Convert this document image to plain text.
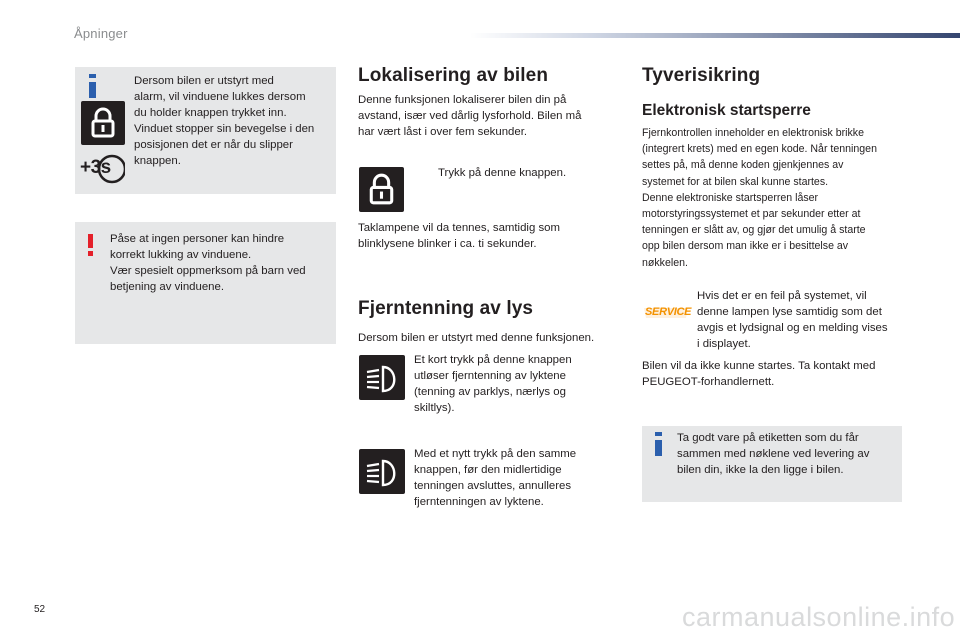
Åpninger
+3s
Dersom bilen er utstyrt med
alarm, vil vinduene lukkes dersom
du holder knappen trykket inn.
Vinduet stopper sin bevegelse i den
posisjonen det er når du slipper
knappen.
Påse at ingen personer kan hindre
korrekt lukking av vinduene.
Vær spesielt oppmerksom på barn ved
betjening av vinduene.
Lokalisering av bilen
Denne funksjonen lokaliserer bilen din på
avstand, især ved dårlig lysforhold. Bilen må
har vært låst i over fem sekunder.
Trykk på denne knappen.
Taklampene vil da tennes, samtidig som
blinklysene blinker i ca. ti sekunder.
Fjerntenning av lys
Dersom bilen er utstyrt med denne funksjonen.
Et kort trykk på denne knappen
utløser fjerntenning av lyktene
(tenning av parklys, nærlys og
skiltlys).
Med et nytt trykk på den samme
knappen, før den midlertidige
tenningen avsluttes, annulleres
fjerntenningen av lyktene.
Tyverisikring
Elektronisk startsperre
Fjernkontrollen inneholder en elektronisk brikke
(integrert krets) med en egen kode. Når tenningen
settes på, må denne koden gjenkjennes av
systemet for at bilen skal kunne startes.
Denne elektroniske startsperren låser
motorstyringssystemet et par sekunder etter at
tenningen er slått av, og gjør det umulig å starte
opp bilen dersom man ikke er i besittelse av
nøkkelen.
SERVICE
Hvis det er en feil på systemet, vil
denne lampen lyse samtidig som det
avgis et lydsignal og en melding vises
i displayet.
Bilen vil da ikke kunne startes. Ta kontakt med
PEUGEOT-forhandlernett.
Ta godt vare på etiketten som du får
sammen med nøklene ved levering av
bilen din, ikke la den ligge i bilen.
52	carmanualsonline.info
